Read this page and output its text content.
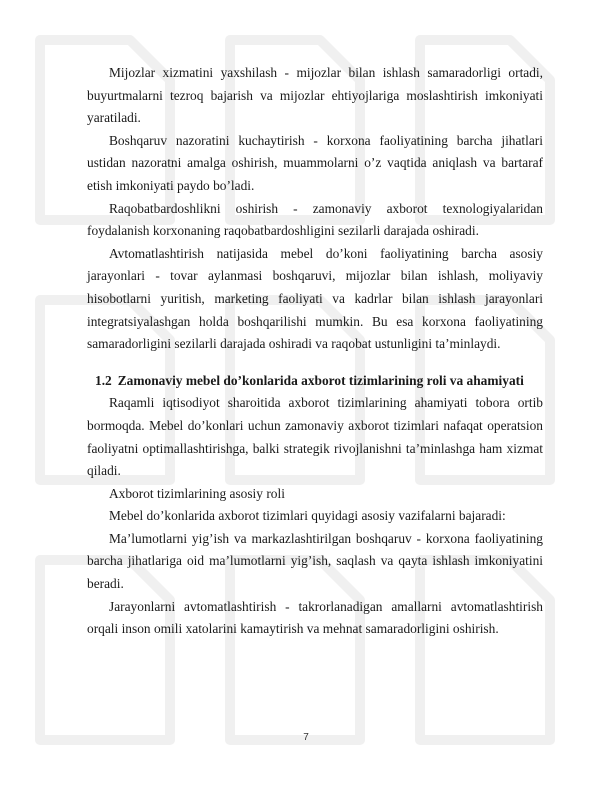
Mijozlar xizmatini yaxshilash - mijozlar bilan ishlash samaradorligi ortadi, buyurtmalarni tezroq bajarish va mijozlar ehtiyojlariga moslashtirish imkoniyati yaratiladi.

Boshqaruv nazoratini kuchaytirish - korxona faoliyatining barcha jihatlari ustidan nazoratni amalga oshirish, muammolarni o’z vaqtida aniqlash va bartaraf etish imkoniyati paydo bo’ladi.

Raqobatbardoshlikni oshirish - zamonaviy axborot texnologiyalaridan foydalanish korxonaning raqobatbardoshligini sezilarli darajada oshiradi.

Avtomatlashtirish natijasida mebel do’koni faoliyatining barcha asosiy jarayonlari - tovar aylanmasi boshqaruvi, mijozlar bilan ishlash, moliyaviy hisobotlarni yuritish, marketing faoliyati va kadrlar bilan ishlash jarayonlari integratsiyalashgan holda boshqarilishi mumkin. Bu esa korxona faoliyatining samaradorligini sezilarli darajada oshiradi va raqobat ustunligini ta’minlaydi.

1.2 Zamonaviy mebel do’konlarida axborot tizimlarining roli va ahamiyati

Raqamli iqtisodiyot sharoitida axborot tizimlarining ahamiyati tobora ortib bormoqda. Mebel do’konlari uchun zamonaviy axborot tizimlari nafaqat operatsion faoliyatni optimallashtirishga, balki strategik rivojlanishni ta’minlashga ham xizmat qiladi.

Axborot tizimlarining asosiy roli

Mebel do’konlarida axborot tizimlari quyidagi asosiy vazifalarni bajaradi:

Ma’lumotlarni yig’ish va markazlashtirilgan boshqaruv - korxona faoliyatining barcha jihatlariga oid ma’lumotlarni yig’ish, saqlash va qayta ishlash imkoniyatini beradi.

Jarayonlarni avtomatlashtirish - takrorlanadigan amallarni avtomatlashtirish orqali inson omili xatolarini kamaytirish va mehnat samaradorligini oshirish.

7
